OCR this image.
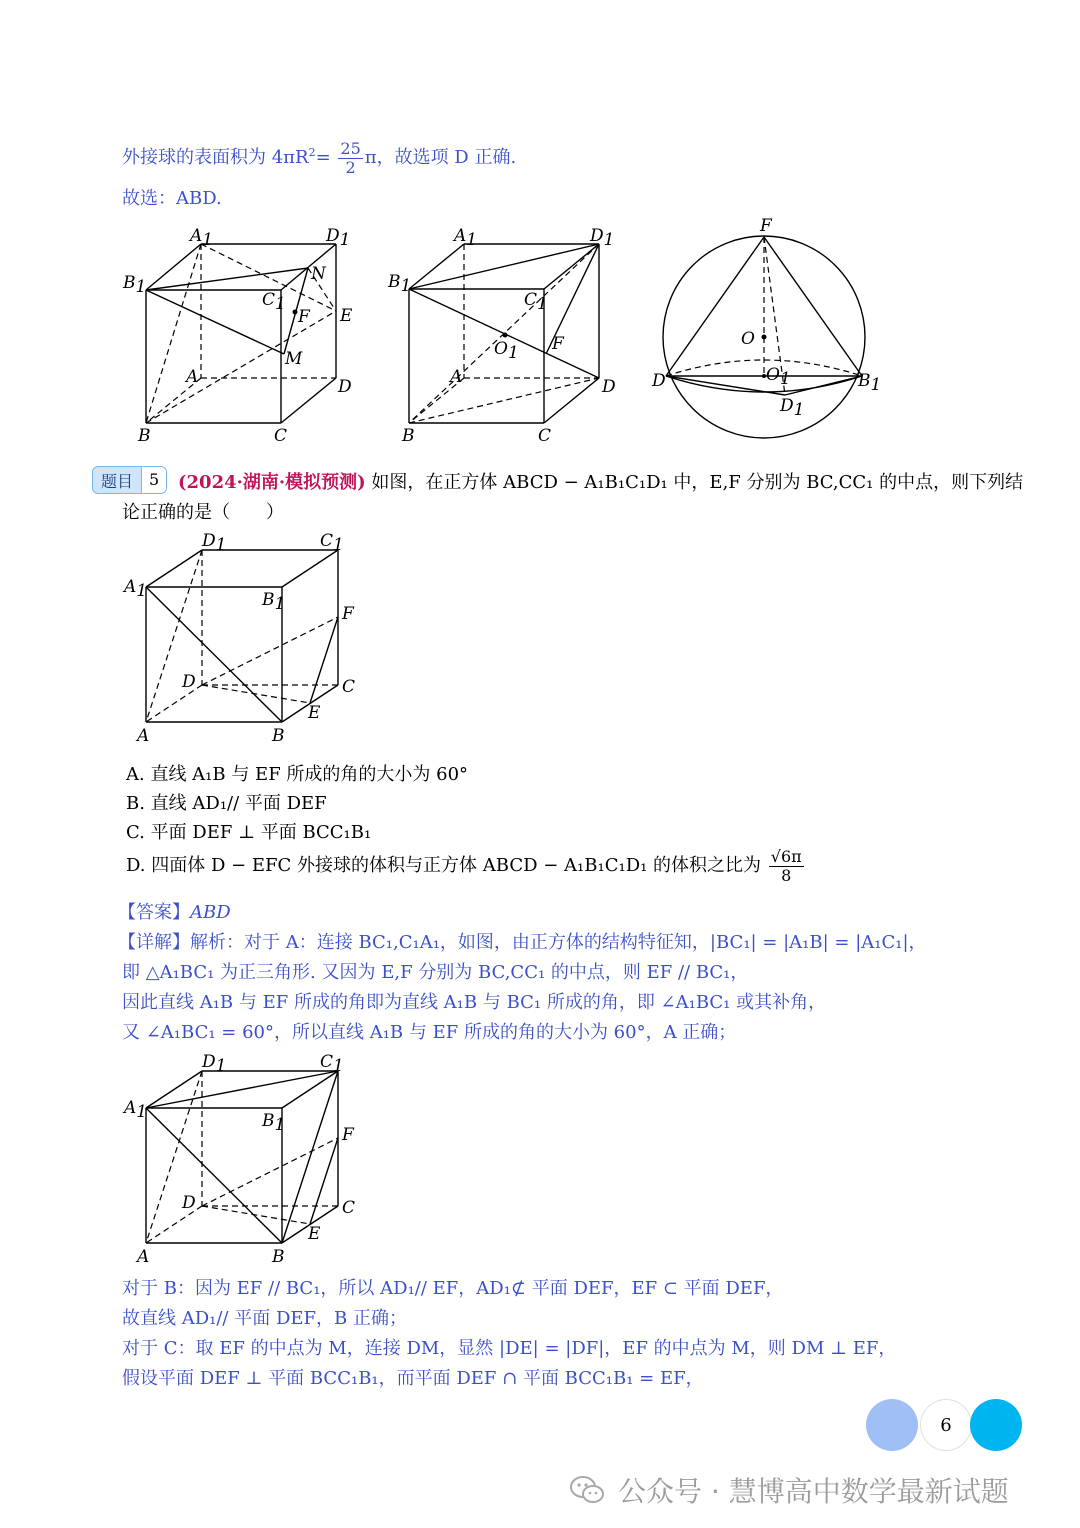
外接球的表面积为 $4\pi R^2= \frac{25}{2}$ π，故选项 D 正确.
故选：ABD.
A1	D1
B1
C1
N
F E
M
A	D
B	C
A1	D1
B1
C1
O1 F
A	D
B	C
F
O
O1
D	B1
D1
题目	5	(2024·湖南·模拟预测) 如图，在正方体 ABCD − A₁B₁C₁D₁ 中，E,F 分别为 BC,CC₁ 的中点，则下列结
论正确的是（　　）
D1	C1
A1	B1	F
D	C
E
A	B
A. 直线 A₁B 与 EF 所成的角的大小为 60°
B. 直线 AD₁// 平面 DEF
C. 平面 DEF ⊥ 平面 BCC₁B₁
D. 四面体 D − EFC 外接球的体积与正方体 ABCD − A₁B₁C₁D₁ 的体积之比为 $\frac{√6\pi}{8}$
【答案】ABD
【详解】解析：对于 A：连接 BC₁,C₁A₁，如图，由正方体的结构特征知，|BC₁| = |A₁B| = |A₁C₁|，
即 △A₁BC₁ 为正三角形. 又因为 E,F 分别为 BC,CC₁ 的中点，则 EF // BC₁，
因此直线 A₁B 与 EF 所成的角即为直线 A₁B 与 BC₁ 所成的角，即 ∠A₁BC₁ 或其补角，
又 ∠A₁BC₁ = 60°，所以直线 A₁B 与 EF 所成的角的大小为 60°，A 正确；
D1	C1
A1	B1	F
D	C
E
A	B
对于 B：因为 EF // BC₁，所以 AD₁// EF，AD₁⊄ 平面 DEF，EF ⊂ 平面 DEF，
故直线 AD₁// 平面 DEF，B 正确；
对于 C：取 EF 的中点为 M，连接 DM，显然 |DE| = |DF|，EF 的中点为 M，则 DM ⊥ EF，
假设平面 DEF ⊥ 平面 BCC₁B₁，而平面 DEF ∩ 平面 BCC₁B₁ = EF，
6
公众号 · 慧博高中数学最新试题
